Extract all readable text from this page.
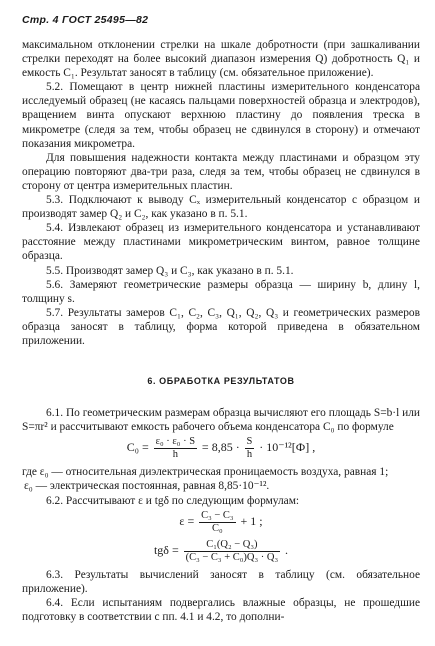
Стр. 4 ГОСТ 25495—82

максимальном отклонении стрелки на шкале добротности (при зашкаливании стрелки переходят на более высокий диапазон измерения Q) добротность Q₁ и емкость C₁. Результат заносят в таблицу (см. обязательное приложение).

5.2. Помещают в центр нижней пластины измерительного конденсатора исследуемый образец (не касаясь пальцами поверхностей образца и электродов), вращением винта опускают верхнюю пластину до появления треска в микрометре (следя за тем, чтобы образец не сдвинулся в сторону) и отмечают показания микрометра.

Для повышения надежности контакта между пластинами и образцом эту операцию повторяют два-три раза, следя за тем, чтобы образец не сдвинулся в сторону от центра измерительных пластин.

5.3. Подключают к выводу Cₓ измерительный конденсатор с образцом и производят замер Q₂ и C₂, как указано в п. 5.1.

5.4. Извлекают образец из измерительного конденсатора и устанавливают расстояние между пластинами микрометрическим винтом, равное толщине образца.

5.5. Производят замер Q₃ и C₃, как указано в п. 5.1.

5.6. Замеряют геометрические размеры образца — ширину b, длину l, толщину s.

5.7. Результаты замеров C₁, C₂, C₃, Q₁, Q₂, Q₃ и геометрических размеров образца заносят в таблицу, форма которой приведена в обязательном приложении.

6. ОБРАБОТКА РЕЗУЛЬТАТОВ

6.1. По геометрическим размерам образца вычисляют его площадь S=b·l или S=πr² и рассчитывают емкость рабочего объема конденсатора C₀ по формуле

$C_0 = \frac{\text{ε₀ · ε₀ · S}}{h} = 8,85 \cdot \frac{S}{h} \cdot 10^{-12}[Ф]$ ,

где ε₀ — относительная диэлектрическая проницаемость воздуха, равная 1;

ε₀ — электрическая постоянная, равная 8,85·10⁻¹².

6.2. Рассчитывают ε и tgδ по следующим формулам:

$\varepsilon = \frac{\text{C₃ − C₃}}{\text{C₀}} + 1$ ;
$tg\delta = \frac{\text{C₁(Q₂ − Q₃)}}{\text{(C₃ − C₃ + C₀)Q₃ · Q₃}}$ .

6.3. Результаты вычислений заносят в таблицу (см. обязательное приложение).

6.4. Если испытаниям подвергались влажные образцы, не прошедшие подготовку в соответствии с пп. 4.1 и 4.2, то дополни-
